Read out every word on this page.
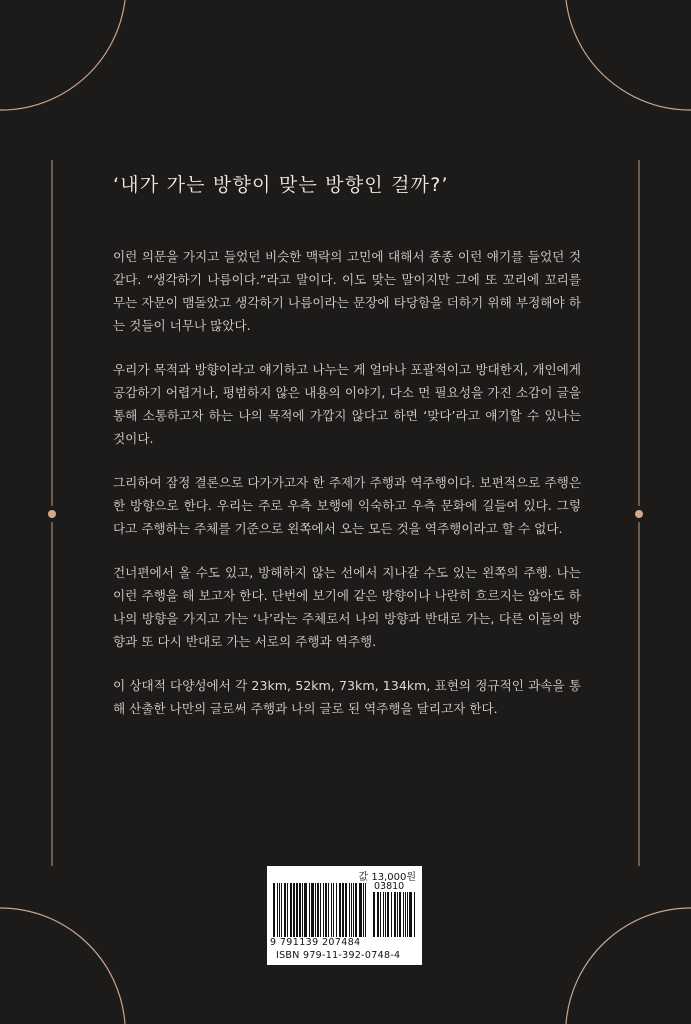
‘내가 가는 방향이 맞는 방향인 걸까?’

이런 의문을 가지고 들었던 비슷한 맥락의 고민에 대해서 종종 이런 얘기를 들었던 것 같다. “생각하기 나름이다.”라고 말이다. 이도 맞는 말이지만 그에 또 꼬리에 꼬리를 무는 자문이 맴돌았고 생각하기 나름이라는 문장에 타당함을 더하기 위해 부정해야 하는 것들이 너무나 많았다.

우리가 목적과 방향이라고 얘기하고 나누는 게 얼마나 포괄적이고 방대한지, 개인에게 공감하기 어렵거나, 평범하지 않은 내용의 이야기, 다소 먼 필요성을 가진 소감이 글을 통해 소통하고자 하는 나의 목적에 가깝지 않다고 하면 ‘맞다’라고 얘기할 수 있나는 것이다.

그리하여 잠정 결론으로 다가가고자 한 주제가 주행과 역주행이다. 보편적으로 주행은 한 방향으로 한다. 우리는 주로 우측 보행에 익숙하고 우측 문화에 길들여 있다. 그렇다고 주행하는 주체를 기준으로 왼쪽에서 오는 모든 것을 역주행이라고 할 수 없다.

건너편에서 올 수도 있고, 방해하지 않는 선에서 지나갈 수도 있는 왼쪽의 주행. 나는 이런 주행을 해 보고자 한다. 단번에 보기에 같은 방향이나 나란히 흐르지는 않아도 하나의 방향을 가지고 가는 ‘나’라는 주체로서 나의 방향과 반대로 가는, 다른 이들의 방향과 또 다시 반대로 가는 서로의 주행과 역주행.

이 상대적 다양성에서 각 23km, 52km, 73km, 134km, 표현의 정규적인 과속을 통해 산출한 나만의 글로써 주행과 나의 글로 된 역주행을 달리고자 한다.

값 13,000원
03810
9 791139 207484
ISBN 979-11-392-0748-4
